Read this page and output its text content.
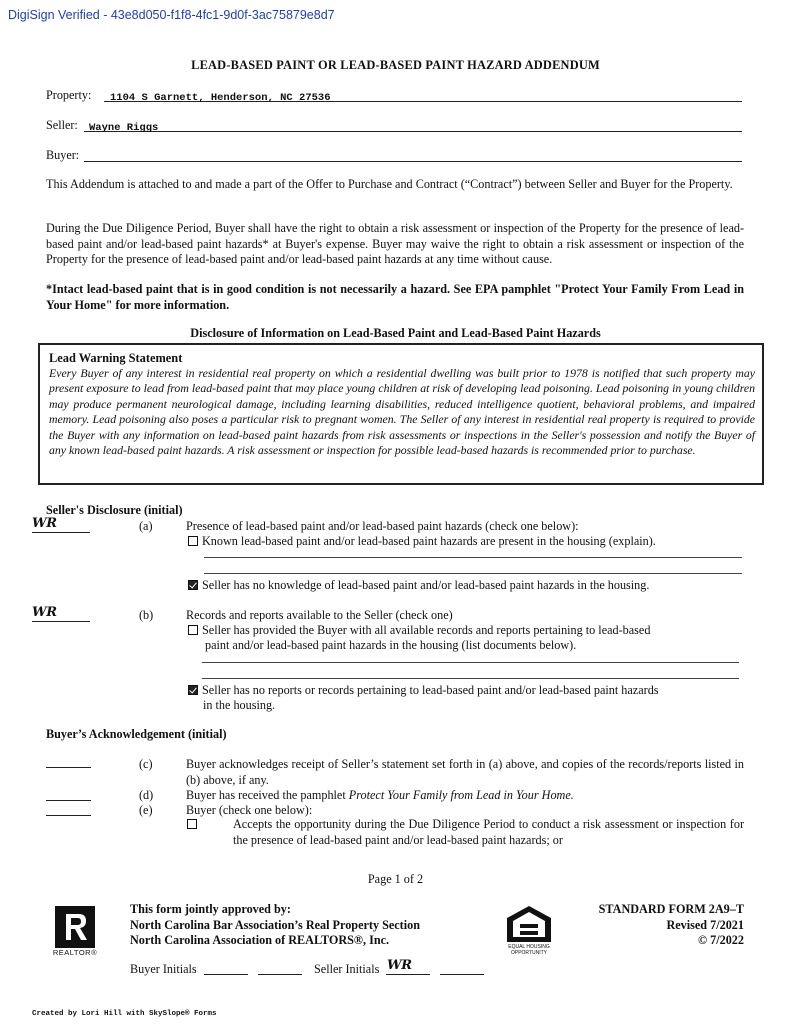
DigiSign Verified - 43e8d050-f1f8-4fc1-9d0f-3ac75879e8d7
LEAD-BASED PAINT OR LEAD-BASED PAINT HAZARD ADDENDUM
Property:	1104 S Garnett, Henderson, NC 27536
Seller:	Wayne Riggs
Buyer:
This Addendum is attached to and made a part of the Offer to Purchase and Contract (“Contract”) between Seller and Buyer for the Property.
During the Due Diligence Period, Buyer shall have the right to obtain a risk assessment or inspection of the Property for the presence of lead-based paint and/or lead-based paint hazards* at Buyer's expense. Buyer may waive the right to obtain a risk assessment or inspection of the Property for the presence of lead-based paint and/or lead-based paint hazards at any time without cause.
*Intact lead-based paint that is in good condition is not necessarily a hazard. See EPA pamphlet "Protect Your Family From Lead in Your Home" for more information.
Disclosure of Information on Lead-Based Paint and Lead-Based Paint Hazards
Lead Warning Statement
Every Buyer of any interest in residential real property on which a residential dwelling was built prior to 1978 is notified that such property may present exposure to lead from lead-based paint that may place young children at risk of developing lead poisoning. Lead poisoning in young children may produce permanent neurological damage, including learning disabilities, reduced intelligence quotient, behavioral problems, and impaired memory. Lead poisoning also poses a particular risk to pregnant women. The Seller of any interest in residential real property is required to provide the Buyer with any information on lead-based paint hazards from risk assessments or inspections in the Seller's possession and notify the Buyer of any known lead-based paint hazards. A risk assessment or inspection for possible lead-based hazards is recommended prior to purchase.
Seller's Disclosure (initial)
WR	(a)	Presence of lead-based paint and/or lead-based paint hazards (check one below):
Known lead-based paint and/or lead-based paint hazards are present in the housing (explain).
Seller has no knowledge of lead-based paint and/or lead-based paint hazards in the housing.
WR	(b)	Records and reports available to the Seller (check one)
Seller has provided the Buyer with all available records and reports pertaining to lead-based
paint and/or lead-based paint hazards in the housing (list documents below).
Seller has no reports or records pertaining to lead-based paint and/or lead-based paint hazards
in the housing.
Buyer’s Acknowledgement (initial)
(c)	Buyer acknowledges receipt of Seller’s statement set forth in (a) above, and copies of the records/reports listed in (b) above, if any.
(d)	Buyer has received the pamphlet Protect Your Family from Lead in Your Home.
(e)	Buyer (check one below):
Accepts the opportunity during the Due Diligence Period to conduct a risk assessment or inspection for the presence of lead-based paint and/or lead-based paint hazards; or
Page 1 of 2
REALTOR®
This form jointly approved by:
North Carolina Bar Association’s Real Property Section
North Carolina Association of REALTORS®, Inc.	EQUAL HOUSING OPPORTUNITY
STANDARD FORM 2A9–T
Revised 7/2021
© 7/2022
Buyer Initials	Seller Initials WR
Created by Lori Hill with SkySlope® Forms
